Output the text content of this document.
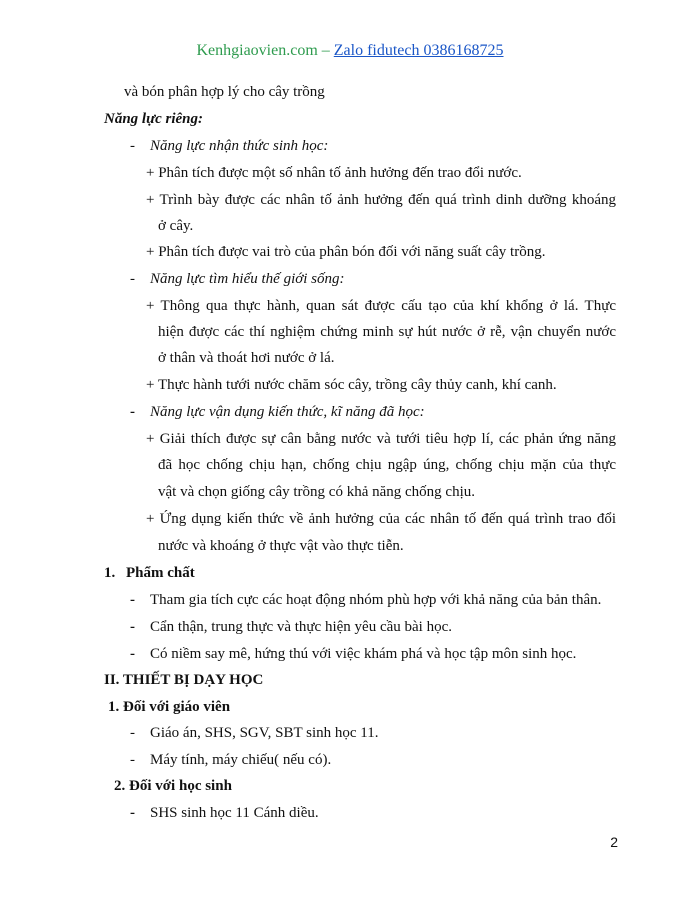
Kenhgiaovien.com – Zalo fidutech 0386168725
và bón phân hợp lý cho cây trồng
Năng lực riêng:
- Năng lực nhận thức sinh học:
+ Phân tích được một số nhân tố ảnh hưởng đến trao đổi nước.
+ Trình bày được các nhân tố ảnh hưởng đến quá trình dinh dưỡng khoáng
ở cây.
+ Phân tích được vai trò của phân bón đối với năng suất cây trồng.
- Năng lực tìm hiểu thế giới sống:
+ Thông qua thực hành, quan sát được cấu tạo của khí khổng ở lá. Thực
hiện được các thí nghiệm chứng minh sự hút nước ở rễ, vận chuyển nước
ở thân và thoát hơi nước ở lá.
+ Thực hành tưới nước chăm sóc cây, trồng cây thủy canh, khí canh.
- Năng lực vận dụng kiến thức, kĩ năng đã học:
+ Giải thích được sự cân bằng nước và tưới tiêu hợp lí, các phản ứng năng
đã học chống chịu hạn, chống chịu ngập úng, chống chịu mặn của thực
vật và chọn giống cây trồng có khả năng chống chịu.
+ Ứng dụng kiến thức về ảnh hưởng của các nhân tố đến quá trình trao đổi
nước và khoáng ở thực vật vào thực tiễn.
1. Phẩm chất
- Tham gia tích cực các hoạt động nhóm phù hợp với khả năng của bản thân.
- Cẩn thận, trung thực và thực hiện yêu cầu bài học.
- Có niềm say mê, hứng thú với việc khám phá và học tập môn sinh học.
II. THIẾT BỊ DẠY HỌC
1. Đối với giáo viên
- Giáo án, SHS, SGV, SBT sinh học 11.
- Máy tính, máy chiếu( nếu có).
2. Đối với học sinh
- SHS sinh học 11 Cánh diều.
2
